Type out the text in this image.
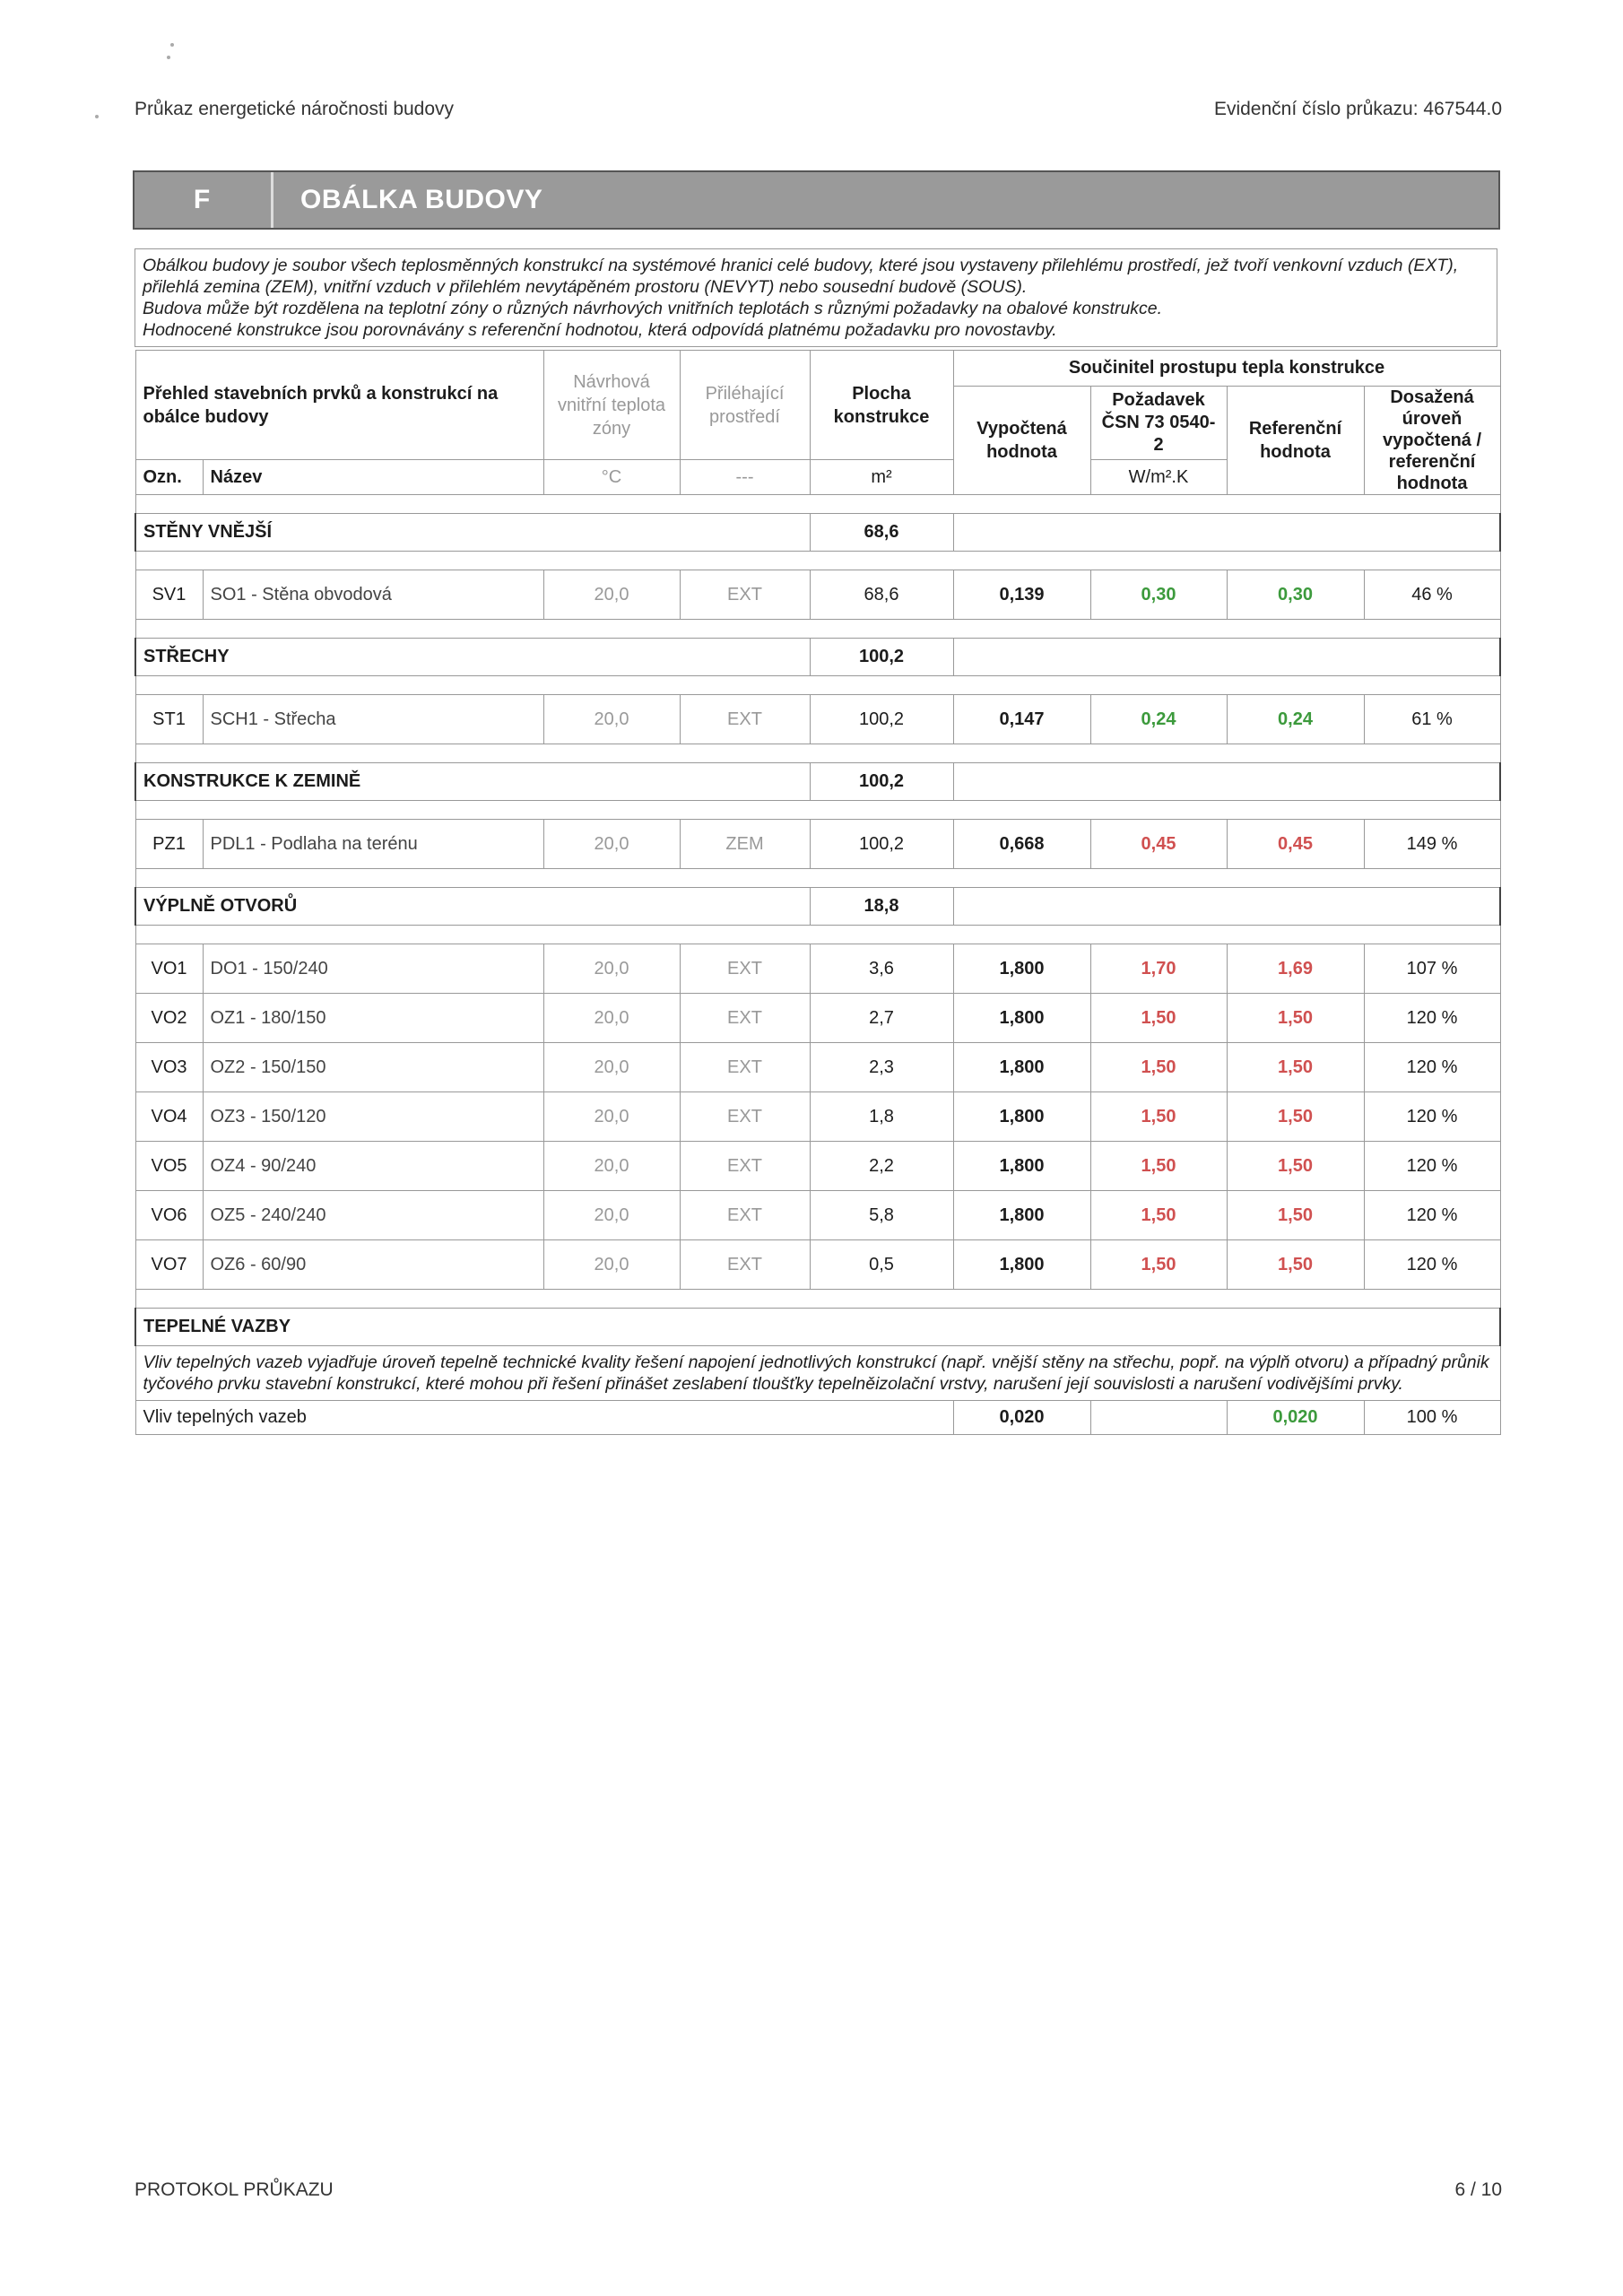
Průkaz energetické náročnosti budovy	Evidenční číslo průkazu: 467544.0
F	OBÁLKA BUDOVY

Obálkou budovy je soubor všech teplosměnných konstrukcí na systémové hranici celé budovy, které jsou vystaveny přilehlému prostředí, jež tvoří venkovní vzduch (EXT), přilehlá zemina (ZEM), vnitřní vzduch v přilehlém nevytápěném prostoru (NEVYT) nebo sousední budově (SOUS).

Budova může být rozdělena na teplotní zóny o různých návrhových vnitřních teplotách s různými požadavky na obalové konstrukce.

Hodnocené konstrukce jsou porovnávány s referenční hodnotou, která odpovídá platnému požadavku pro novostavby.

Přehled stavebních prvků a konstrukcí na obálce budovy		Návrhová vnitřní teplota zóny	Přiléhající prostředí	Plocha konstrukce	Součinitel prostupu tepla konstrukce			
					Vypočtená hodnota	Požadavek ČSN 73 0540-2	Referenční hodnota	Dosažená úroveň vypočtená / referenční hodnota
Ozn.	Název	°C	---	m²		W/m².K		

STĚNY VNĚJŠÍ				68,6				

SV1	SO1 - Stěna obvodová	20,0	EXT	68,6	0,139	0,30	0,30	46 %

STŘECHY				100,2				

ST1	SCH1 - Střecha	20,0	EXT	100,2	0,147	0,24	0,24	61 %

KONSTRUKCE K ZEMINĚ				100,2				

PZ1	PDL1 - Podlaha na terénu	20,0	ZEM	100,2	0,668	0,45	0,45	149 %

VÝPLNĚ OTVORŮ				18,8				

VO1	DO1 - 150/240	20,0	EXT	3,6	1,800	1,70	1,69	107 %
VO2	OZ1 - 180/150	20,0	EXT	2,7	1,800	1,50	1,50	120 %
VO3	OZ2 - 150/150	20,0	EXT	2,3	1,800	1,50	1,50	120 %
VO4	OZ3 - 150/120	20,0	EXT	1,8	1,800	1,50	1,50	120 %
VO5	OZ4 - 90/240	20,0	EXT	2,2	1,800	1,50	1,50	120 %
VO6	OZ5 - 240/240	20,0	EXT	5,8	1,800	1,50	1,50	120 %
VO7	OZ6 - 60/90	20,0	EXT	0,5	1,800	1,50	1,50	120 %

TEPELNÉ VAZBY								
Vliv tepelných vazeb vyjadřuje úroveň tepelně technické kvality řešení napojení jednotlivých konstrukcí (např. vnější stěny na střechu, popř. na výplň otvoru) a případný průnik tyčového prvku stavební konstrukcí, které mohou při řešení přinášet zeslabení tloušťky tepelněizolační vrstvy, narušení její souvislosti a narušení vodivějšími prvky.								
Vliv tepelných vazeb					0,020		0,020	100 %
PROTOKOL PRŮKAZU	6 / 10
